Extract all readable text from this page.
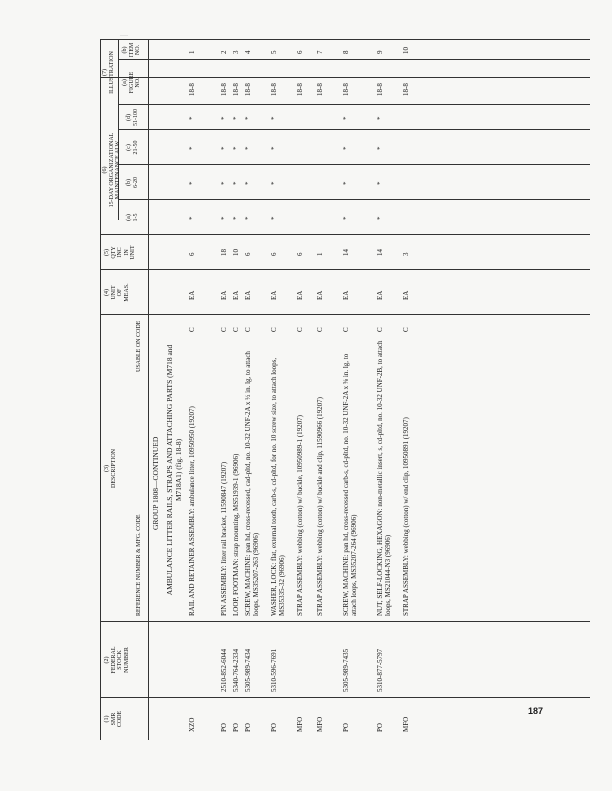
(1) SMR CODE
(2) FEDERAL STOCK NUMBER
(3) DESCRIPTION
REFERENCE NUMBER & MFG. CODE
USABLE ON CODE
(4) UNIT OF MEAS.
(5) QTY INC IN UNIT
(6) 15-DAY ORGANIZATIONAL MAINTENANCE ALW
(a) 1-5
(b) 6-20
(c) 21-50
(d) 51-100
(7) ILLUSTRATION (a) FIGURE NO.
(b) ITEM NO.
GROUP 1808—CONTINUED AMBULANCE LITTER RAILS, STRAPS AND ATTACHING PARTS (M718 and M718A1) (fig. 18-8)
XZO
RAIL AND RETAINER ASSEMBLY: ambulance litter, 10950950 (19207)
C
EA
6
*
*
*
*
18-8
1
PO
2510-852-6044
PIN ASSEMBLY: litter rail bracket, 11590847 (19207)
C
EA
18
*
*
*
*
18-8
2
PO
5340-764-2334
LOOP, FOOTMAN: strap mounting, MS51939-1 (96906)
C
EA
10
*
*
*
*
18-8
3
PO
5305-989-7434
SCREW, MACHINE: pan hd, cross-recessed, cad-pltd, no. 10-32 UNF-2A x ½ in. lg, to attach loops, MS35207-263 (96906)
C
EA
6
*
*
*
*
18-8
4
PO
5310-596-7691
WASHER, LOCK: flat, external tooth, carb-s, cd-pltd, for no. 10 screw size, to attach loops, MS35335-32 (96906)
C
EA
6
*
*
*
*
18-8
5
MFO
STRAP ASSEMBLY: webbing (cotton) w/ buckle, 10950989-1 (19207)
C
EA
6
18-8
6
MFO
STRAP ASSEMBLY: webbing (cotton) w/ buckle and clip, 11590966 (19207)
C
EA
1
18-8
7
PO
5305-989-7435
SCREW, MACHINE: pan hd, cross-recessed carb-s, cd-pltd, no. 10-32 UNF-2A x ⅝ in. lg, to attach loops, MS35207-264 (96906)
C
EA
14
*
*
*
*
18-8
8
PO
5310-877-5797
NUT, SELF-LOCKING, HEXAGON: non-metallic insert, s, cd-pltd, no. 10-32 UNF-2B, to attach loops, MS21044-N3 (96906)
C
EA
14
*
*
*
*
18-8
9
MFO
STRAP ASSEMBLY: webbing (cotton) w/ end clip, 10950891 (19207)
C
EA
3
18-8
10
—
187
